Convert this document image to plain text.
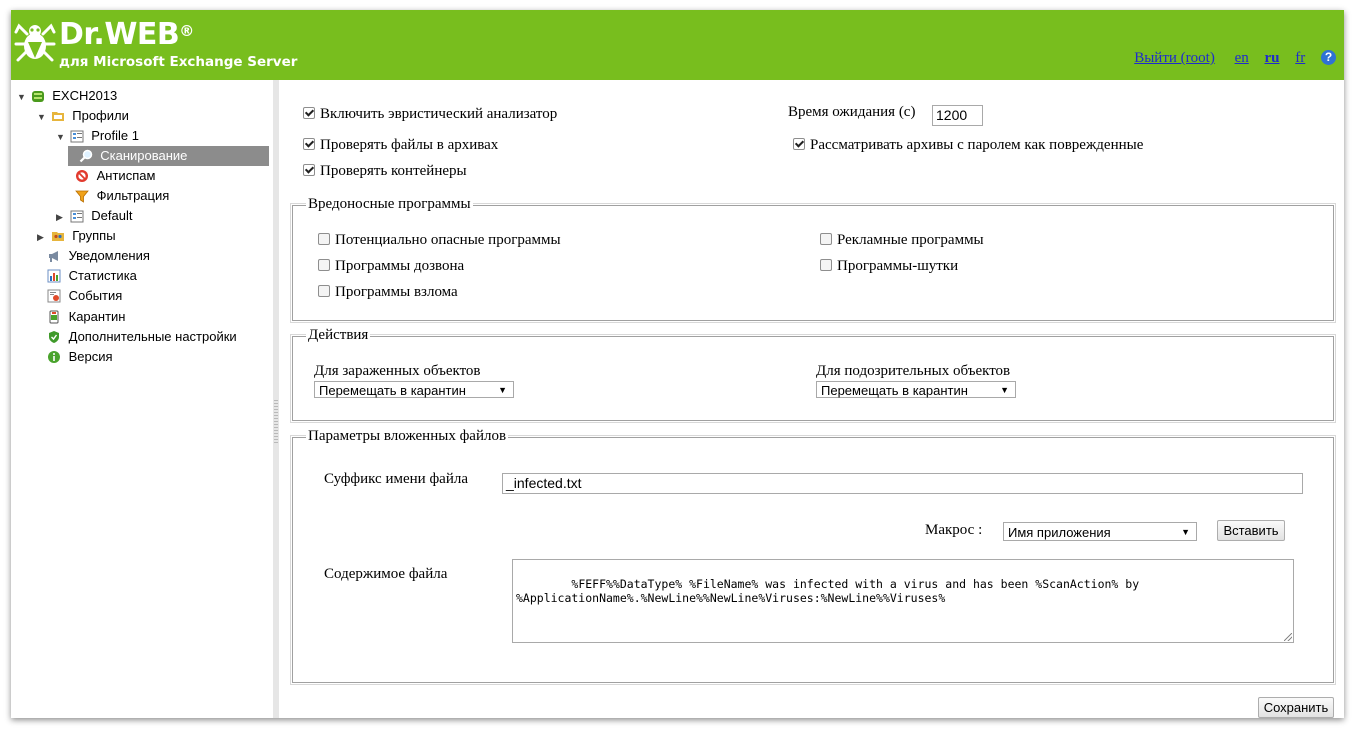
Dr.WEB®
для Microsoft Exchange Server	Выйти (root) en ru fr ?
▼ EXCH2013
▼ Профили
▼ Profile 1
Сканирование
Антиспам
Фильтрация
▶ Default
▶ Группы
Уведомления
Статистика
События
Карантин
Дополнительные настройки
Версия
Включить эвристический анализатор	Время ожидания (с) 1200
Проверять файлы в архивах	Рассматривать архивы с паролем как поврежденные
Проверять контейнеры
Вредоносные программы
Потенциально опасные программы	Рекламные программы
Программы дозвона	Программы-шутки
Программы взлома
Действия
Для зараженных объектов
Перемещать в карантин	▼
Для подозрительных объектов
Перемещать в карантин	▼
Параметры вложенных файлов
Суффикс имени файла	_infected.txt
Макрос :	Имя приложения	▼	Вставить
Содержимое файла

%FEFF%%DataType% %FileName% was infected with a virus and has been %ScanAction% by
%ApplicationName%.%NewLine%%NewLine%Viruses:%NewLine%%Viruses%

Сохранить
